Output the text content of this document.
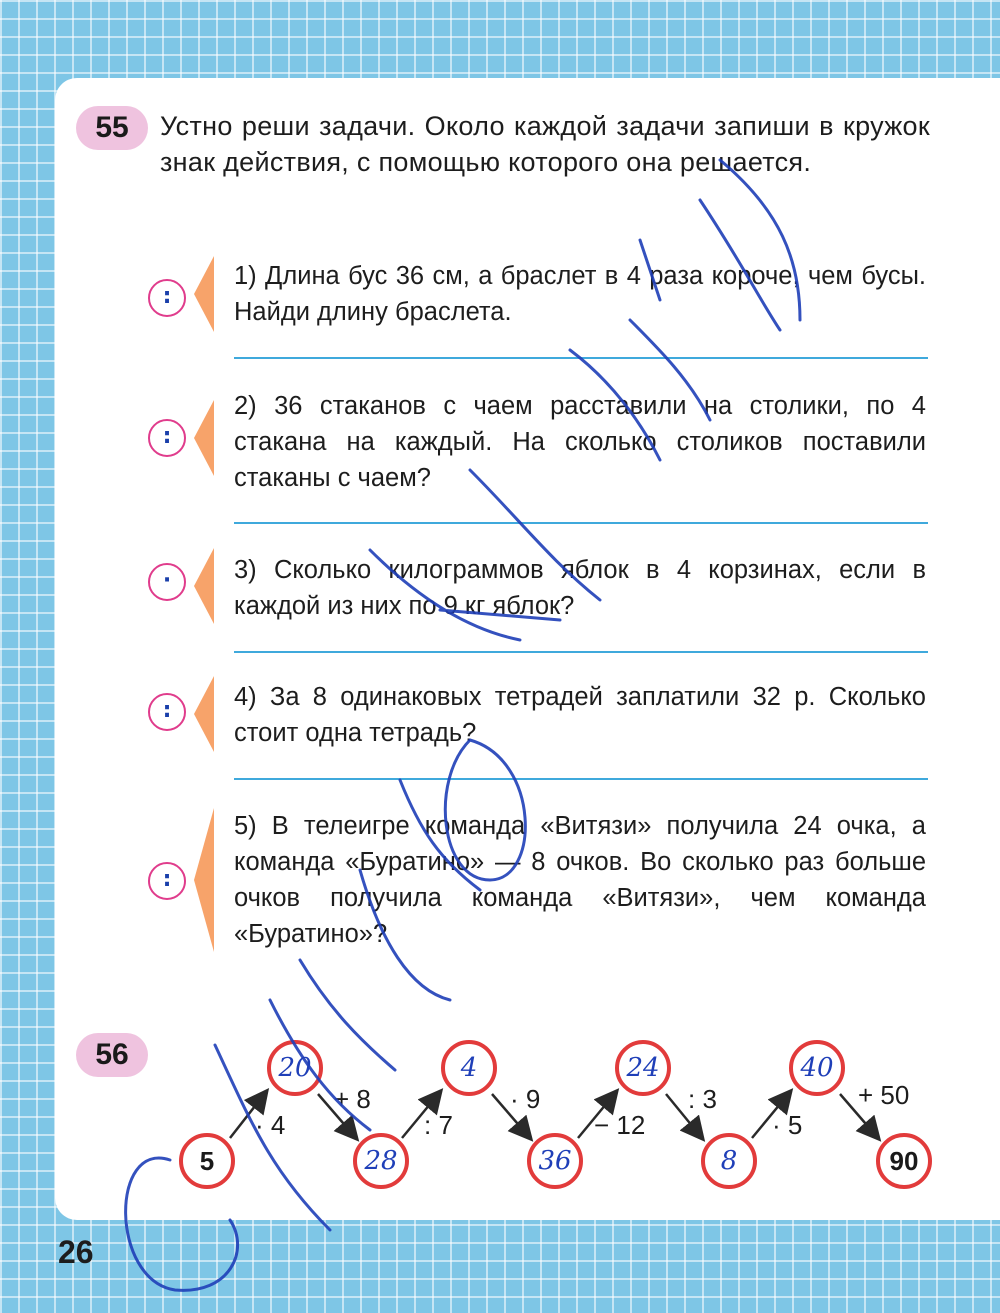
55 Устно реши задачи. Около каждой задачи запиши в кружок знак действия, с помощью которого она решается.
:
1) Длина бус 36 см, а браслет в 4 раза короче, чем бусы. Найди длину браслета.
:
2) 36 стаканов с чаем расставили на столики, по 4 стакана на каждый. На сколько столиков поставили стаканы с чаем?
·	3) Сколько килограммов яблок в 4 корзинах, если в каждой из них по 9 кг яблок?
:	4) За 8 одинаковых тетрадей заплатили 32 р. Сколько стоит одна тетрадь?
:
5) В телеигре команда «Витязи» получила 24 очка, а команда «Буратино» — 8 очков. Во сколько раз больше очков получила команда «Витязи», чем команда «Буратино»?
56
5
20
28
4
36
24
8
40
90
· 4
+ 8
: 7
· 9
− 12
: 3
· 5
+ 50
26
